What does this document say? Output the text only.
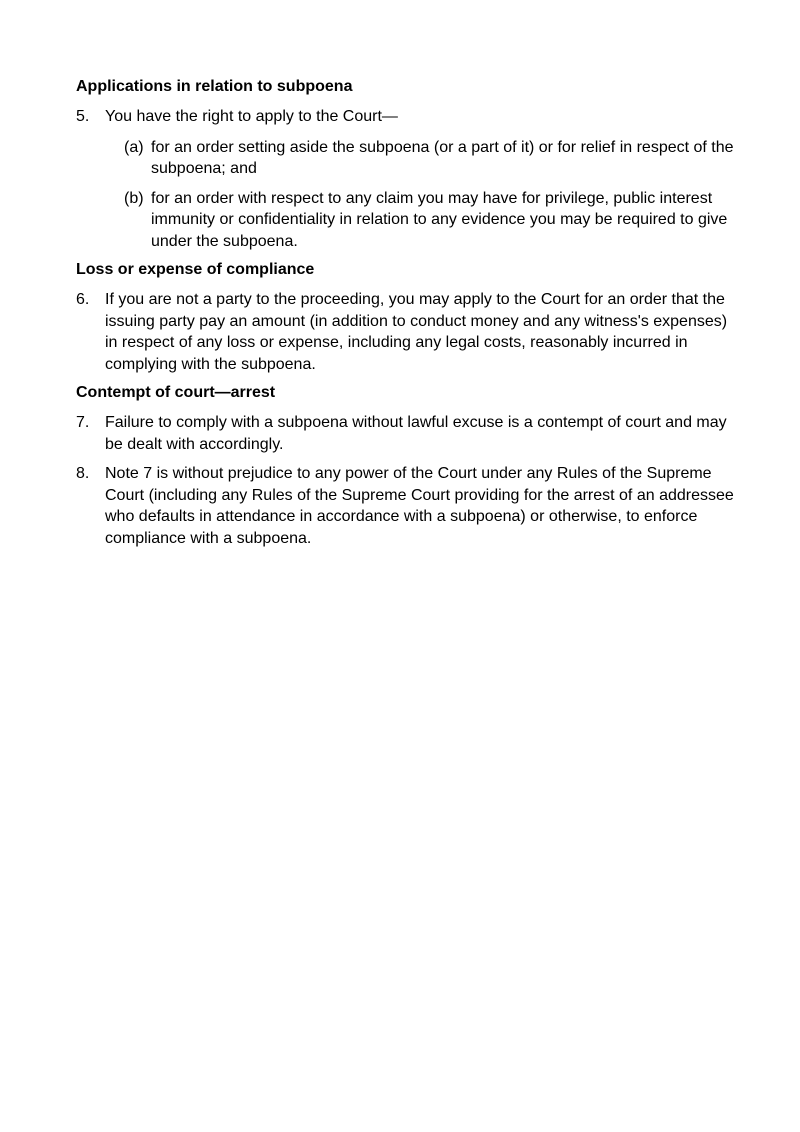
Applications in relation to subpoena

5. You have the right to apply to the Court—
(a) for an order setting aside the subpoena (or a part of it) or for relief in respect of the subpoena; and
(b) for an order with respect to any claim you may have for privilege, public interest immunity or confidentiality in relation to any evidence you may be required to give under the subpoena.

Loss or expense of compliance

6. If you are not a party to the proceeding, you may apply to the Court for an order that the issuing party pay an amount (in addition to conduct money and any witness's expenses) in respect of any loss or expense, including any legal costs, reasonably incurred in complying with the subpoena.

Contempt of court—arrest

7. Failure to comply with a subpoena without lawful excuse is a contempt of court and may be dealt with accordingly.
8. Note 7 is without prejudice to any power of the Court under any Rules of the Supreme Court (including any Rules of the Supreme Court providing for the arrest of an addressee who defaults in attendance in accordance with a subpoena) or otherwise, to enforce compliance with a subpoena.
